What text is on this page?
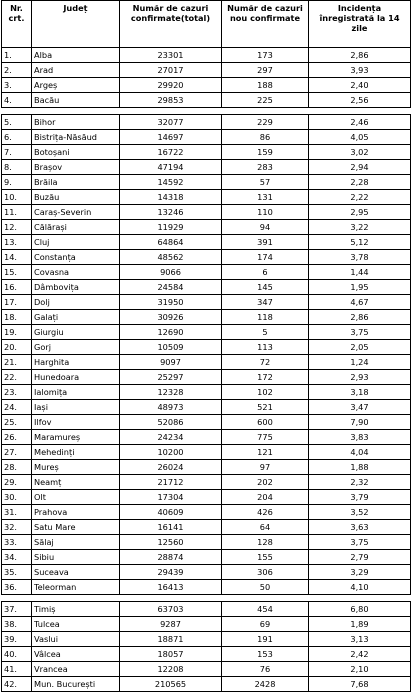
Nr. crt.	Județ	Număr de cazuri confirmate(total)	Număr de cazuri nou confirmate	Incidența înregistrată la 14 zile
1.	Alba	23301	173	2,86
2.	Arad	27017	297	3,93
3.	Argeș	29920	188	2,40
4.	Bacău	29853	225	2,56

5.	Bihor	32077	229	2,46
6.	Bistrița-Năsăud	14697	86	4,05
7.	Botoșani	16722	159	3,02
8.	Brașov	47194	283	2,94
9.	Brăila	14592	57	2,28
10.	Buzău	14318	131	2,22
11.	Caraș-Severin	13246	110	2,95
12.	Călărași	11929	94	3,22
13.	Cluj	64864	391	5,12
14.	Constanța	48562	174	3,78
15.	Covasna	9066	6	1,44
16.	Dâmbovița	24584	145	1,95
17.	Dolj	31950	347	4,67
18.	Galați	30926	118	2,86
19.	Giurgiu	12690	5	3,75
20.	Gorj	10509	113	2,05
21.	Harghita	9097	72	1,24
22.	Hunedoara	25297	172	2,93
23.	Ialomița	12328	102	3,18
24.	Iași	48973	521	3,47
25.	Ilfov	52086	600	7,90
26.	Maramureș	24234	775	3,83
27.	Mehedinți	10200	121	4,04
28.	Mureș	26024	97	1,88
29.	Neamț	21712	202	2,32
30.	Olt	17304	204	3,79
31.	Prahova	40609	426	3,52
32.	Satu Mare	16141	64	3,63
33.	Sălaj	12560	128	3,75
34.	Sibiu	28874	155	2,79
35.	Suceava	29439	306	3,29
36.	Teleorman	16413	50	4,10

37.	Timiș	63703	454	6,80
38.	Tulcea	9287	69	1,89
39.	Vaslui	18871	191	3,13
40.	Vâlcea	18057	153	2,42
41.	Vrancea	12208	76	2,10
42.	Mun. București	210565	2428	7,68
